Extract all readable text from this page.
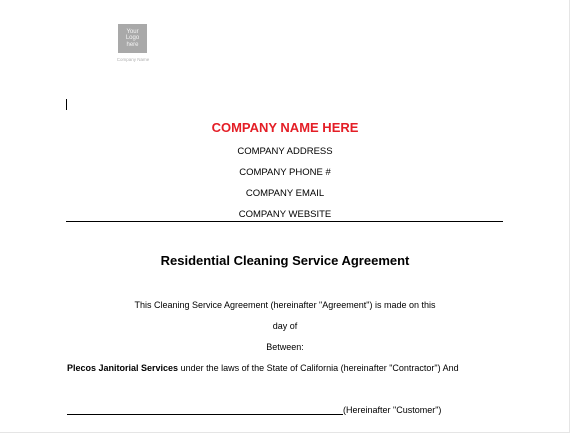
Your
Logo
here
Company Name
COMPANY NAME HERE
COMPANY ADDRESS
COMPANY PHONE #
COMPANY EMAIL
COMPANY WEBSITE
Residential Cleaning Service Agreement
This Cleaning Service Agreement (hereinafter "Agreement") is made on this
day of
Between:
Plecos Janitorial Services under the laws of the State of California (hereinafter "Contractor") And
(Hereinafter "Customer")
